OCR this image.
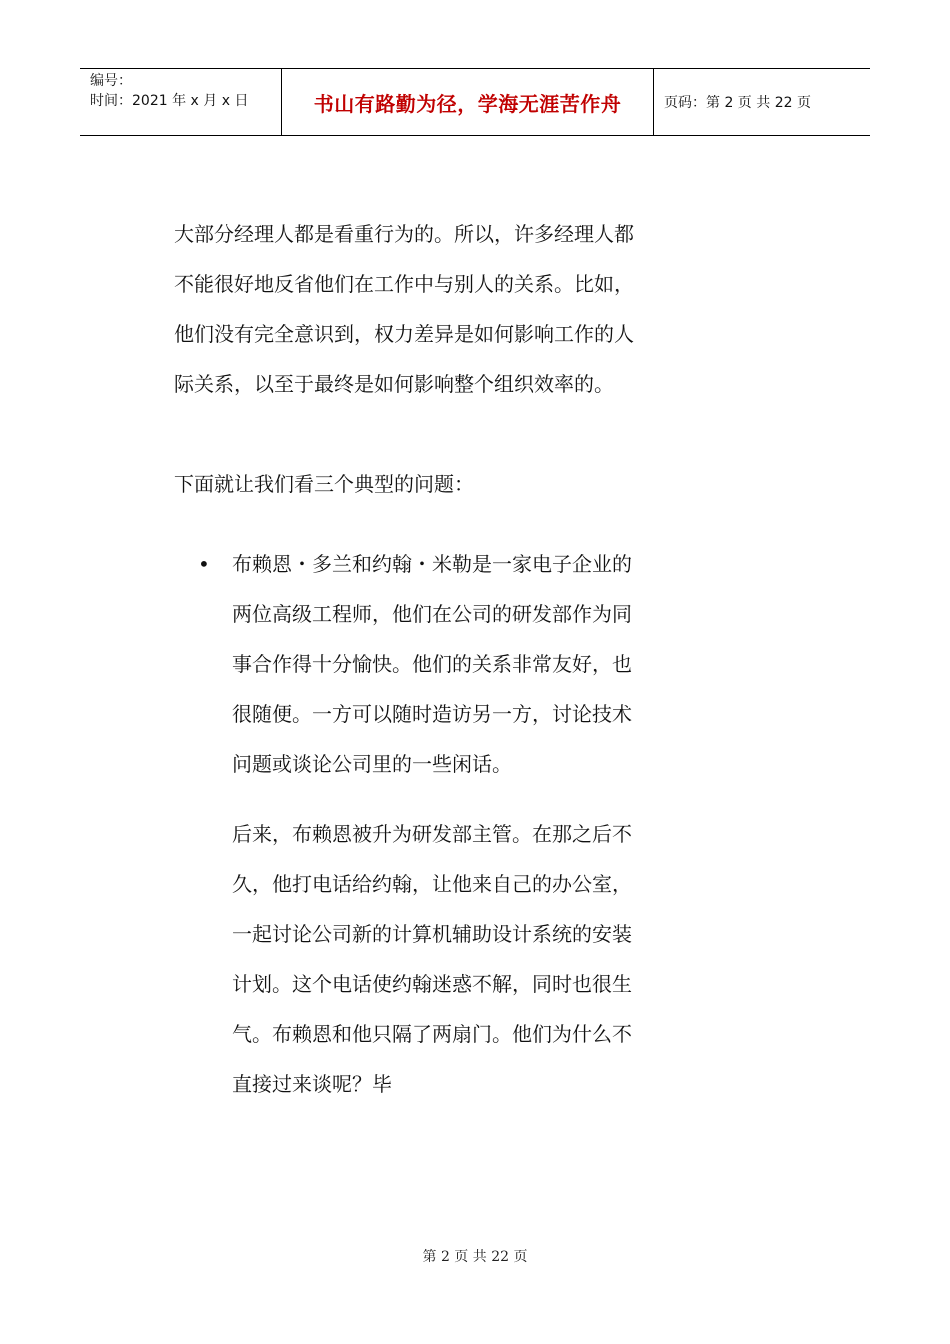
编号：
时间：2021 年 x 月 x 日	书山有路勤为径，学海无涯苦作舟	页码：第 2 页 共 22 页

大部分经理人都是看重行为的。所以，许多经理人都不能很好地反省他们在工作中与别人的关系。比如，他们没有完全意识到，权力差异是如何影响工作的人际关系，以至于最终是如何影响整个组织效率的。

下面就让我们看三个典型的问题：

• 布赖恩・多兰和约翰・米勒是一家电子企业的两位高级工程师，他们在公司的研发部作为同事合作得十分愉快。他们的关系非常友好，也很随便。一方可以随时造访另一方，讨论技术问题或谈论公司里的一些闲话。

后来，布赖恩被升为研发部主管。在那之后不久，他打电话给约翰，让他来自己的办公室，一起讨论公司新的计算机辅助设计系统的安装计划。这个电话使约翰迷惑不解，同时也很生气。布赖恩和他只隔了两扇门。他们为什么不直接过来谈呢？毕

第 2 页 共 22 页
